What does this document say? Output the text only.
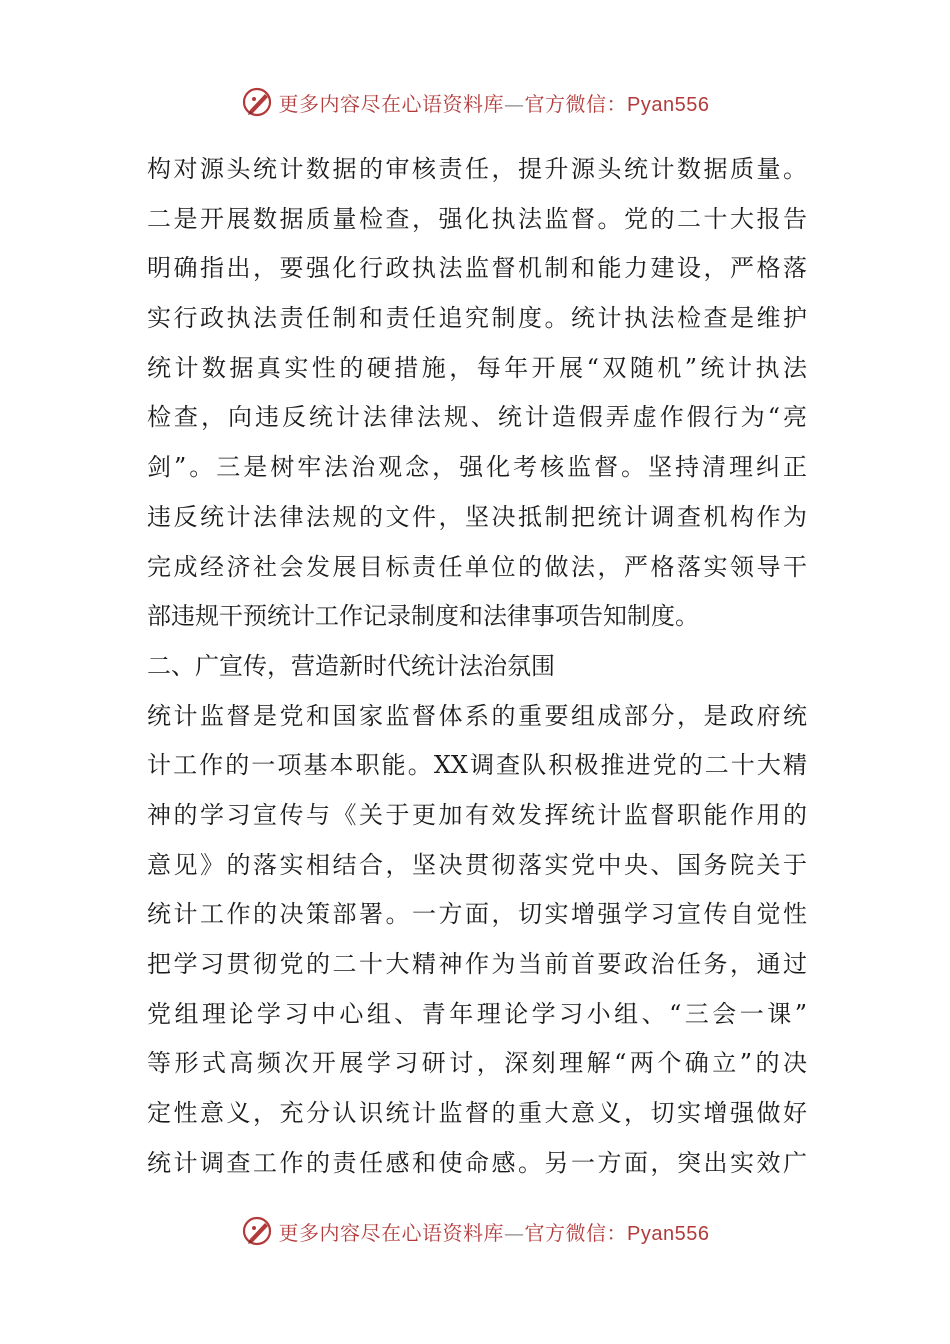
更多内容尽在心语资料库—官方微信：Pyan556
构对源头统计数据的审核责任，提升源头统计数据质量。
二是开展数据质量检查，强化执法监督。党的二十大报告
明确指出，要强化行政执法监督机制和能力建设，严格落
实行政执法责任制和责任追究制度。统计执法检查是维护
统计数据真实性的硬措施，每年开展“双随机”统计执法
检查，向违反统计法律法规、统计造假弄虚作假行为“亮
剑”。三是树牢法治观念，强化考核监督。坚持清理纠正
违反统计法律法规的文件，坚决抵制把统计调查机构作为
完成经济社会发展目标责任单位的做法，严格落实领导干
部违规干预统计工作记录制度和法律事项告知制度。
二、广宣传，营造新时代统计法治氛围
统计监督是党和国家监督体系的重要组成部分，是政府统
计工作的一项基本职能。XX调查队积极推进党的二十大精
神的学习宣传与《关于更加有效发挥统计监督职能作用的
意见》的落实相结合，坚决贯彻落实党中央、国务院关于
统计工作的决策部署。一方面，切实增强学习宣传自觉性
把学习贯彻党的二十大精神作为当前首要政治任务，通过
党组理论学习中心组、青年理论学习小组、“三会一课”
等形式高频次开展学习研讨，深刻理解“两个确立”的决
定性意义，充分认识统计监督的重大意义，切实增强做好
统计调查工作的责任感和使命感。另一方面，突出实效广
更多内容尽在心语资料库—官方微信：Pyan556
